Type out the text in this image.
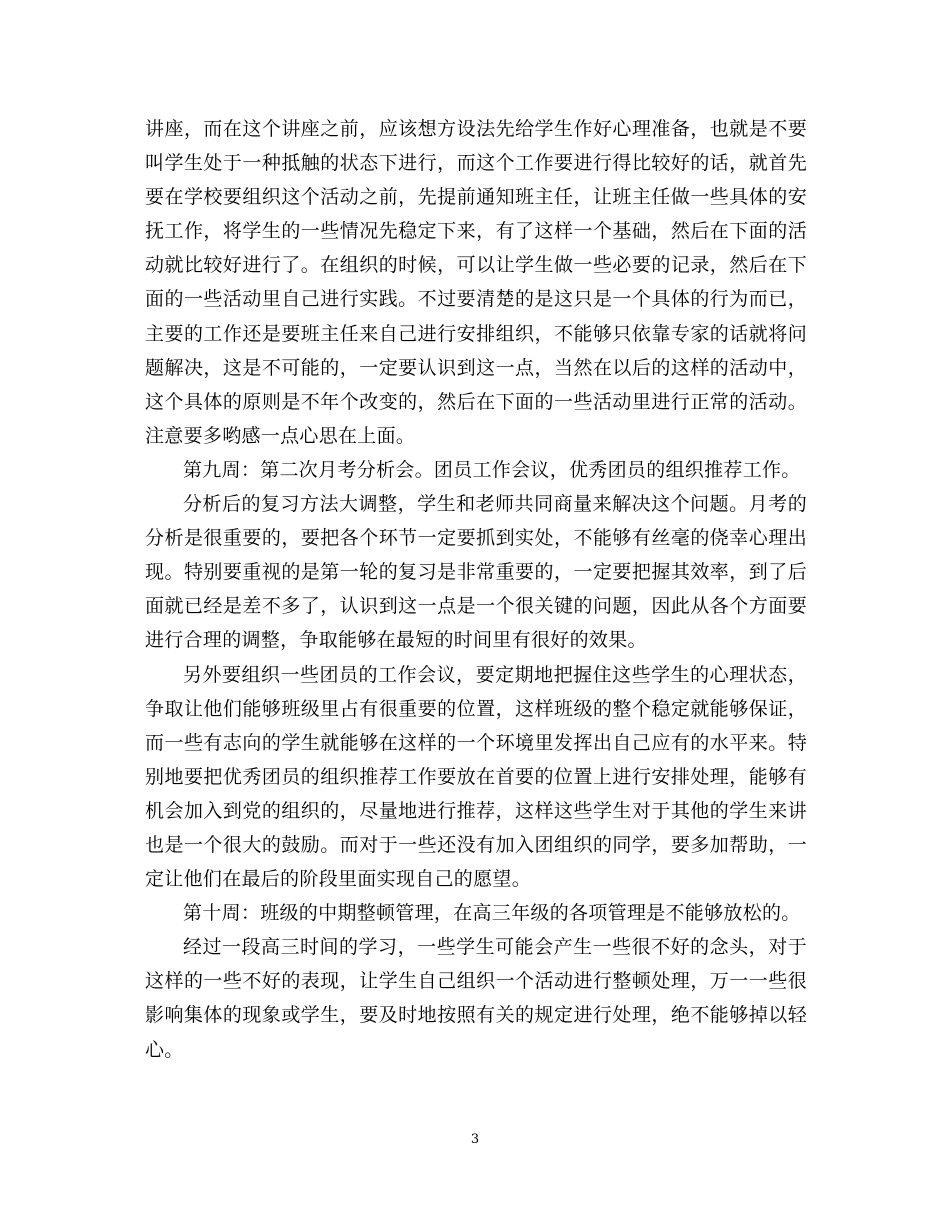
讲座，而在这个讲座之前，应该想方设法先给学生作好心理准备，也就是不要叫学生处于一种抵触的状态下进行，而这个工作要进行得比较好的话，就首先要在学校要组织这个活动之前，先提前通知班主任，让班主任做一些具体的安抚工作，将学生的一些情况先稳定下来，有了这样一个基础，然后在下面的活动就比较好进行了。在组织的时候，可以让学生做一些必要的记录，然后在下面的一些活动里自己进行实践。不过要清楚的是这只是一个具体的行为而已，主要的工作还是要班主任来自己进行安排组织，不能够只依靠专家的话就将问题解决，这是不可能的，一定要认识到这一点，当然在以后的这样的活动中，这个具体的原则是不年个改变的，然后在下面的一些活动里进行正常的活动。注意要多哟感一点心思在上面。

第九周：第二次月考分析会。团员工作会议，优秀团员的组织推荐工作。

分析后的复习方法大调整，学生和老师共同商量来解决这个问题。月考的分析是很重要的，要把各个环节一定要抓到实处，不能够有丝毫的侥幸心理出现。特别要重视的是第一轮的复习是非常重要的，一定要把握其效率，到了后面就已经是差不多了，认识到这一点是一个很关键的问题，因此从各个方面要进行合理的调整，争取能够在最短的时间里有很好的效果。

另外要组织一些团员的工作会议，要定期地把握住这些学生的心理状态， 争取让他们能够班级里占有很重要的位置，这样班级的整个稳定就能够保证，而一些有志向的学生就能够在这样的一个环境里发挥出自己应有的水平来。特别地要把优秀团员的组织推荐工作要放在首要的位置上进行安排处理，能够有机会加入到党的组织的，尽量地进行推荐，这样这些学生对于其他的学生来讲也是一个很大的鼓励。而对于一些还没有加入团组织的同学，要多加帮助，一定让他们在最后的阶段里面实现自己的愿望。

第十周：班级的中期整顿管理，在高三年级的各项管理是不能够放松的。

经过一段高三时间的学习，一些学生可能会产生一些很不好的念头，对于这样的一些不好的表现，让学生自己组织一个活动进行整顿处理，万一一些很影响集体的现象或学生，要及时地按照有关的规定进行处理，绝不能够掉以轻心。

3
